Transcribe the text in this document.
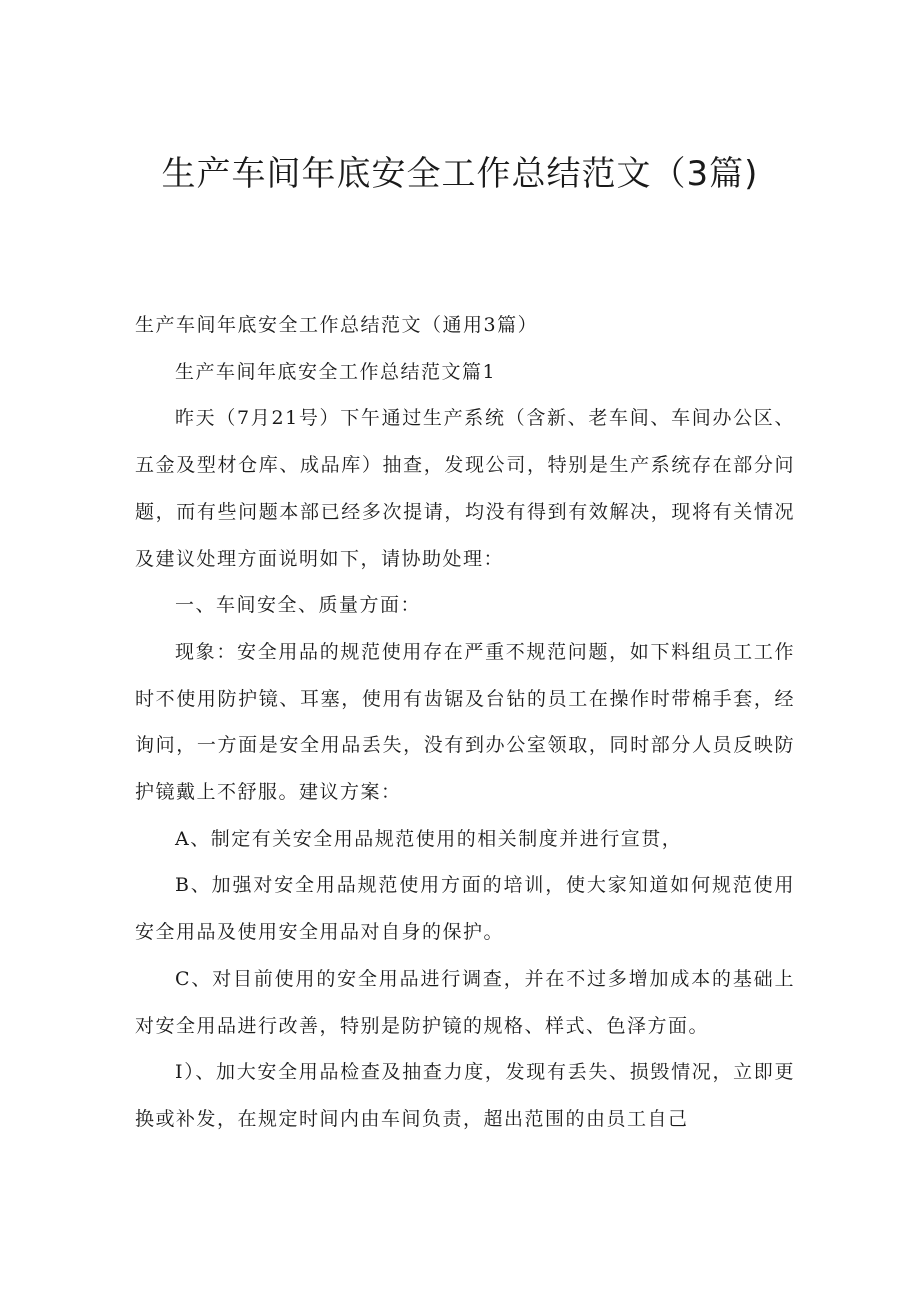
生产车间年底安全工作总结范文（3篇)

生产车间年底安全工作总结范文（通用3篇）

生产车间年底安全工作总结范文篇1

昨天（7月21号）下午通过生产系统（含新、老车间、车间办公区、五金及型材仓库、成品库）抽查，发现公司，特别是生产系统存在部分问题，而有些问题本部已经多次提请，均没有得到有效解决，现将有关情况及建议处理方面说明如下，请协助处理：

一、车间安全、质量方面：

现象：安全用品的规范使用存在严重不规范问题，如下料组员工工作时不使用防护镜、耳塞，使用有齿锯及台钻的员工在操作时带棉手套，经询问，一方面是安全用品丢失，没有到办公室领取，同时部分人员反映防护镜戴上不舒服。建议方案：

A、制定有关安全用品规范使用的相关制度并进行宣贯，

B、加强对安全用品规范使用方面的培训，使大家知道如何规范使用安全用品及使用安全用品对自身的保护。

C、对目前使用的安全用品进行调查，并在不过多增加成本的基础上对安全用品进行改善，特别是防护镜的规格、样式、色泽方面。

I）、加大安全用品检查及抽查力度，发现有丢失、损毁情况，立即更换或补发，在规定时间内由车间负责，超出范围的由员工自己
